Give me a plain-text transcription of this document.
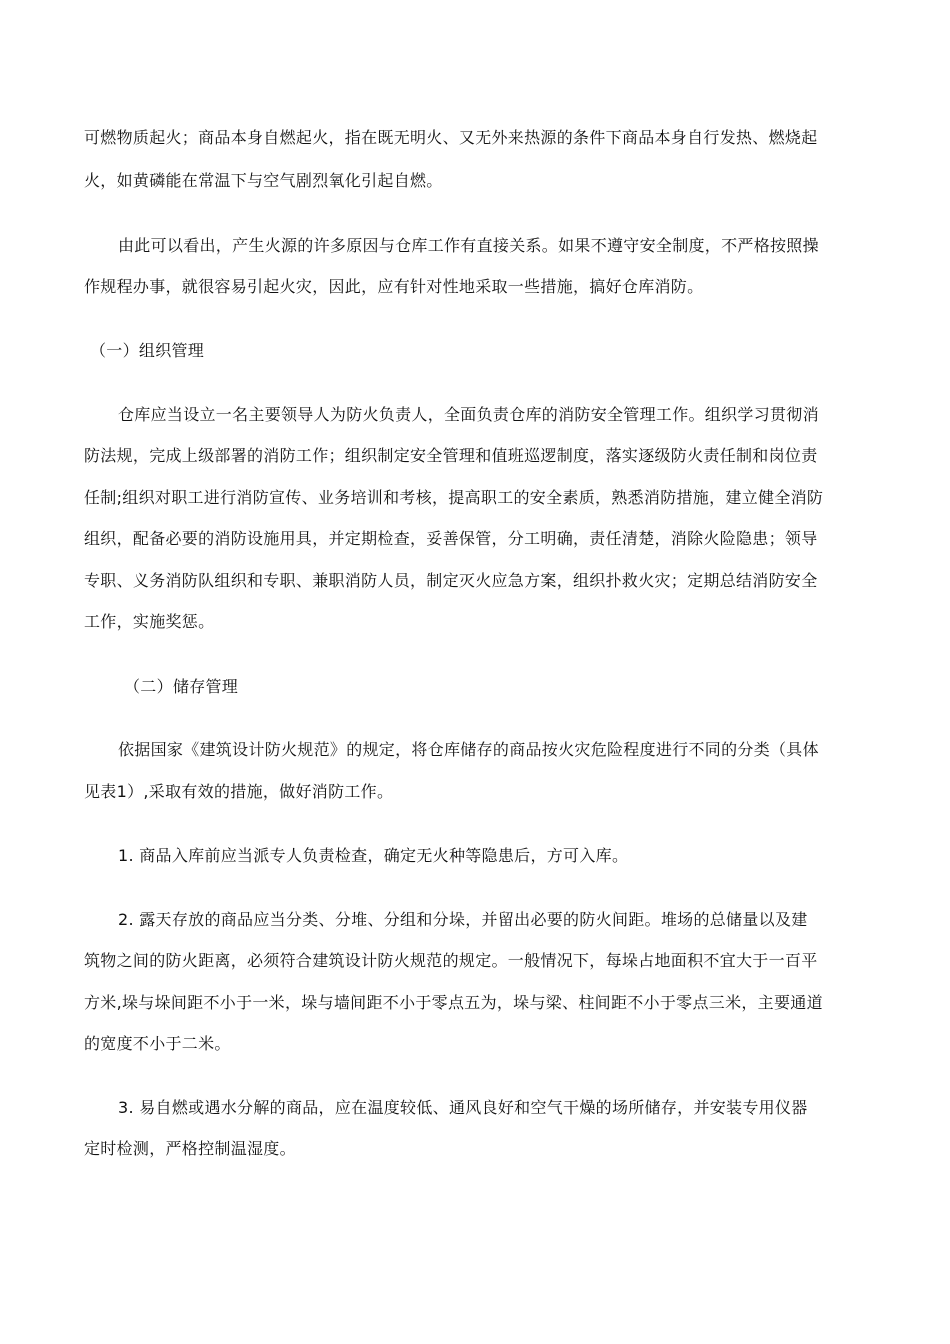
可燃物质起火；商品本身自燃起火，指在既无明火、又无外来热源的条件下商品本身自行发热、燃烧起
火，如黄磷能在常温下与空气剧烈氧化引起自燃。
由此可以看出，产生火源的许多原因与仓库工作有直接关系。如果不遵守安全制度，不严格按照操
作规程办事，就很容易引起火灾，因此，应有针对性地采取一些措施，搞好仓库消防。
（一）组织管理
仓库应当设立一名主要领导人为防火负责人，全面负责仓库的消防安全管理工作。组织学习贯彻消
防法规，完成上级部署的消防工作；组织制定安全管理和值班巡逻制度，落实逐级防火责任制和岗位责
任制;组织对职工进行消防宣传、业务培训和考核，提高职工的安全素质，熟悉消防措施，建立健全消防
组织，配备必要的消防设施用具，并定期检查，妥善保管，分工明确，责任清楚，消除火险隐患；领导
专职、义务消防队组织和专职、兼职消防人员，制定灭火应急方案，组织扑救火灾；定期总结消防安全
工作，实施奖惩。
（二）储存管理
依据国家《建筑设计防火规范》的规定，将仓库储存的商品按火灾危险程度进行不同的分类（具体
见表1）,采取有效的措施，做好消防工作。
1. 商品入库前应当派专人负责检查，确定无火种等隐患后，方可入库。
2. 露天存放的商品应当分类、分堆、分组和分垛，并留出必要的防火间距。堆场的总储量以及建
筑物之间的防火距离，必须符合建筑设计防火规范的规定。一般情况下，每垛占地面积不宜大于一百平
方米,垛与垛间距不小于一米，垛与墙间距不小于零点五为，垛与梁、柱间距不小于零点三米，主要通道
的宽度不小于二米。
3. 易自燃或遇水分解的商品，应在温度较低、通风良好和空气干燥的场所储存，并安装专用仪器
定时检测，严格控制温湿度。
